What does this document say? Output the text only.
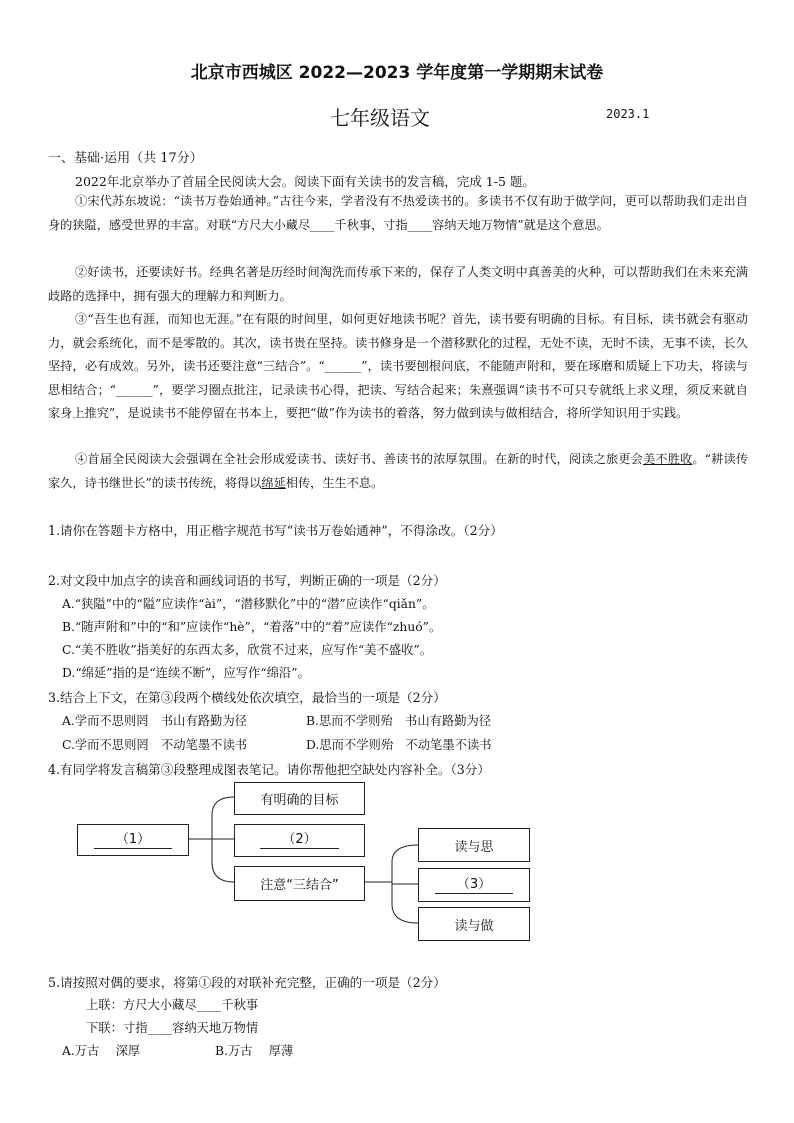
北京市西城区 2022—2023 学年度第一学期期末试卷
七年级语文	2023.1
一、基础·运用（共 17分）
2022年北京举办了首届全民阅读大会。阅读下面有关读书的发言稿，完成 1-5 题。
①宋代苏东坡说：“读书万卷始通神。”古往今来，学者没有不热爱读书的。多读书不仅有助于做学问，更可以帮助我们走出自身的狭隘，感受世界的丰富。对联“方尺大小藏尽____千秋事，寸指____容纳天地万物情”就是这个意思。
②好读书，还要读好书。经典名著是历经时间淘洗而传承下来的，保存了人类文明中真善美的火种，可以帮助我们在未来充满歧路的选择中，拥有强大的理解力和判断力。
③“吾生也有涯，而知也无涯。”在有限的时间里，如何更好地读书呢？首先，读书要有明确的目标。有目标，读书就会有驱动力，就会系统化，而不是零散的。其次，读书贵在坚持。读书修身是一个潜移默化的过程，无处不读，无时不读，无事不读，长久坚持，必有成效。另外，读书还要注意“三结合”。“______”，读书要刨根问底，不能随声附和，要在琢磨和质疑上下功夫，将读与思相结合；“______”，要学习圈点批注，记录读书心得，把读、写结合起来；朱熹强调“读书不可只专就纸上求义理，须反来就自家身上推究”，是说读书不能停留在书本上，要把“做”作为读书的着落，努力做到读与做相结合，将所学知识用于实践。
④首届全民阅读大会强调在全社会形成爱读书、读好书、善读书的浓厚氛围。在新的时代，阅读之旅更会美不胜收。“耕读传家久，诗书继世长”的读书传统，将得以绵延相传，生生不息。
1.请你在答题卡方格中，用正楷字规范书写“读书万卷始通神”，不得涂改。（2分）
2.对文段中加点字的读音和画线词语的书写，判断正确的一项是（2分）
A.“狭隘”中的“隘”应读作“ài”，“潜移默化”中的“潜”应读作“qiǎn”。
B.“随声附和”中的“和”应读作“hè”，“着落”中的“着”应读作“zhuó”。
C.“美不胜收”指美好的东西太多，欣赏不过来，应写作“美不盛收”。
D.“绵延”指的是“连续不断”，应写作“绵沿”。
3.结合上下文，在第③段两个横线处依次填空，最恰当的一项是（2分）
A.学而不思则罔　书山有路勤为径	B.思而不学则殆　书山有路勤为径
C.学而不思则罔　不动笔墨不读书	D.思而不学则殆　不动笔墨不读书
4.有同学将发言稿第③段整理成图表笔记。请你帮他把空缺处内容补全。（3分）
（1）
有明确的目标
（2）
注意“三结合”
读与思
（3）
读与做
5.请按照对偶的要求，将第①段的对联补充完整，正确的一项是（2分）
上联：方尺大小藏尽____千秋事
下联：寸指____容纳天地万物情
A.万古　 深厚	B.万古　 厚薄
